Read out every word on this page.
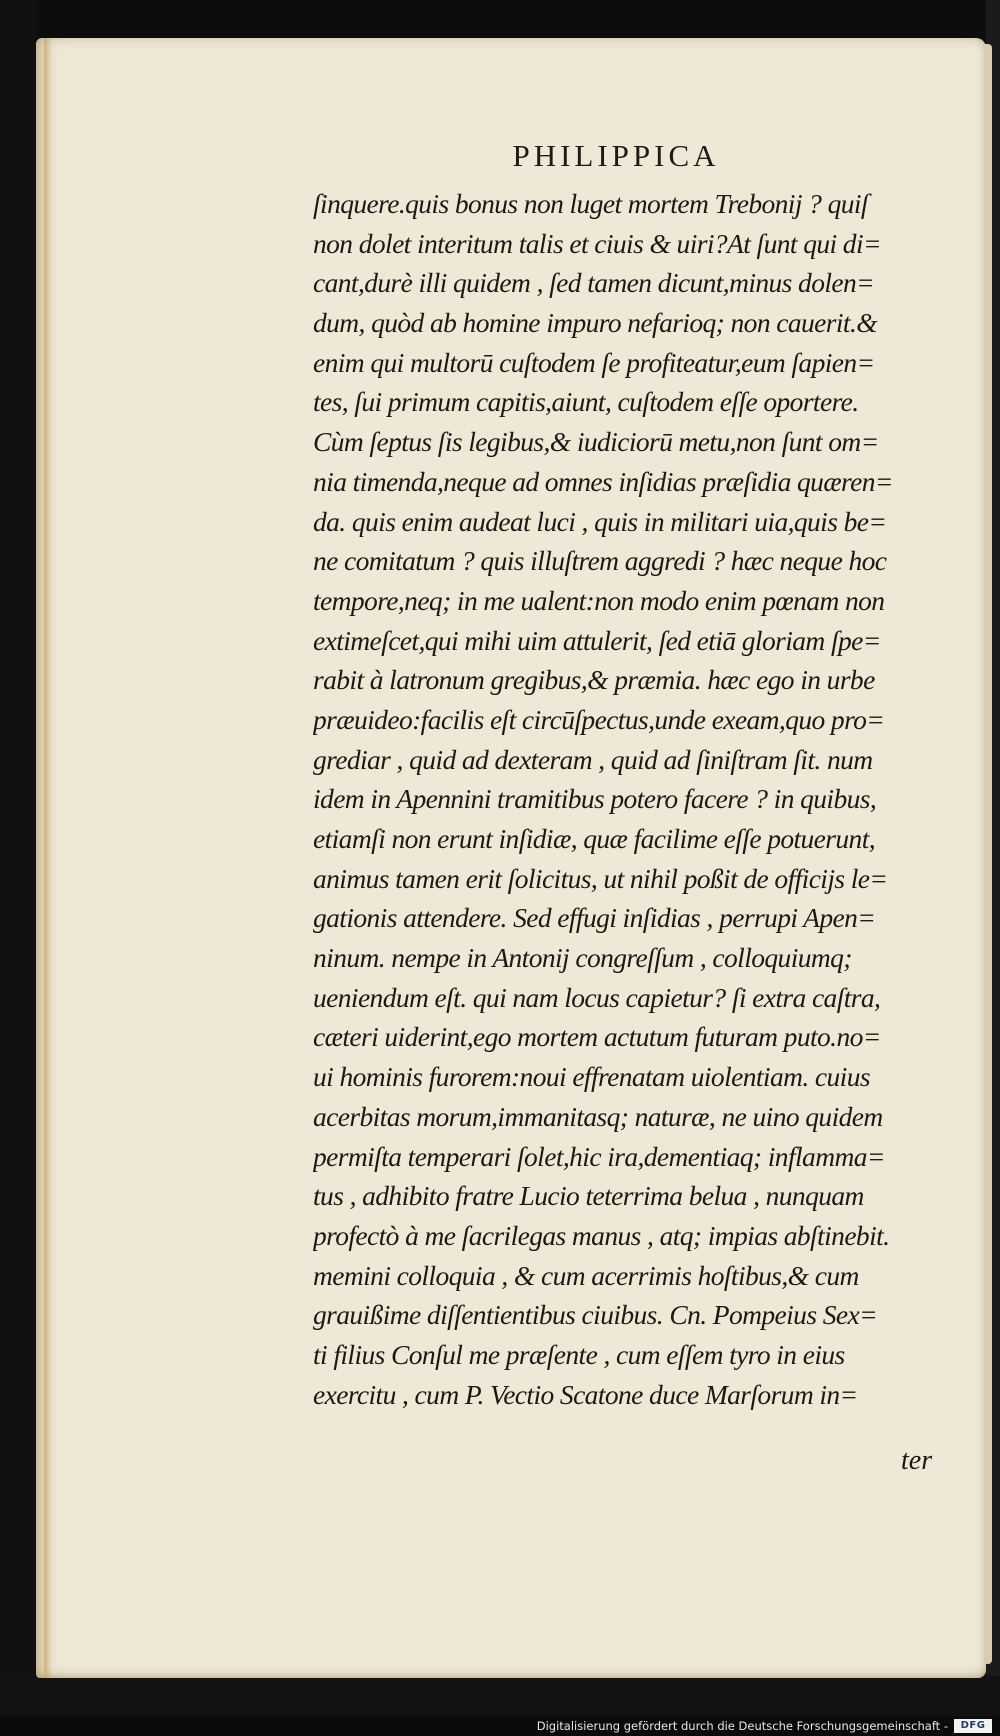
PHILIPPICA
ſinquere.quis bonus non luget mortem Trebonij ? quiſ
non dolet interitum talis et ciuis & uiri?At ſunt qui di=
cant,durè illi quidem , ſed tamen dicunt,minus dolen=
dum, quòd ab homine impuro nefarioq; non cauerit.&
enim qui multorū cuſtodem ſe profiteatur,eum ſapien=
tes, ſui primum capitis,aiunt, cuſtodem eſſe oportere.
Cùm ſeptus ſis legibus,& iudiciorū metu,non ſunt om=
nia timenda,neque ad omnes inſidias præſidia quæren=
da. quis enim audeat luci , quis in militari uia,quis be=
ne comitatum ? quis illuſtrem aggredi ? hæc neque hoc
tempore,neq; in me ualent:non modo enim pœnam non
extimeſcet,qui mihi uim attulerit, ſed etiā gloriam ſpe=
rabit à latronum gregibus,& præmia. hæc ego in urbe
præuideo:facilis eſt circūſpectus,unde exeam,quo pro=
grediar , quid ad dexteram , quid ad ſiniſtram ſit. num
idem in Apennini tramitibus potero facere ? in quibus,
etiamſi non erunt inſidiæ, quæ facilime eſſe potuerunt,
animus tamen erit ſolicitus, ut nihil poßit de officijs le=
gationis attendere. Sed effugi inſidias , perrupi Apen=
ninum. nempe in Antonij congreſſum , colloquiumq;
ueniendum eſt. qui nam locus capietur? ſi extra caſtra,
cæteri uiderint,ego mortem actutum futuram puto.no=
ui hominis furorem:noui effrenatam uiolentiam. cuius
acerbitas morum,immanitasq; naturæ, ne uino quidem
permiſta temperari ſolet,hic ira,dementiaq; inflamma=
tus , adhibito fratre Lucio teterrima belua , nunquam
profectò à me ſacrilegas manus , atq; impias abſtinebit.
memini colloquia , & cum acerrimis hoſtibus,& cum
grauißime diſſentientibus ciuibus. Cn. Pompeius Sex=
ti filius Conſul me præſente , cum eſſem tyro in eius
exercitu , cum P. Vectio Scatone duce Marſorum in=
ter
Digitalisierung gefördert durch die Deutsche Forschungsgemeinschaft -	DFG
